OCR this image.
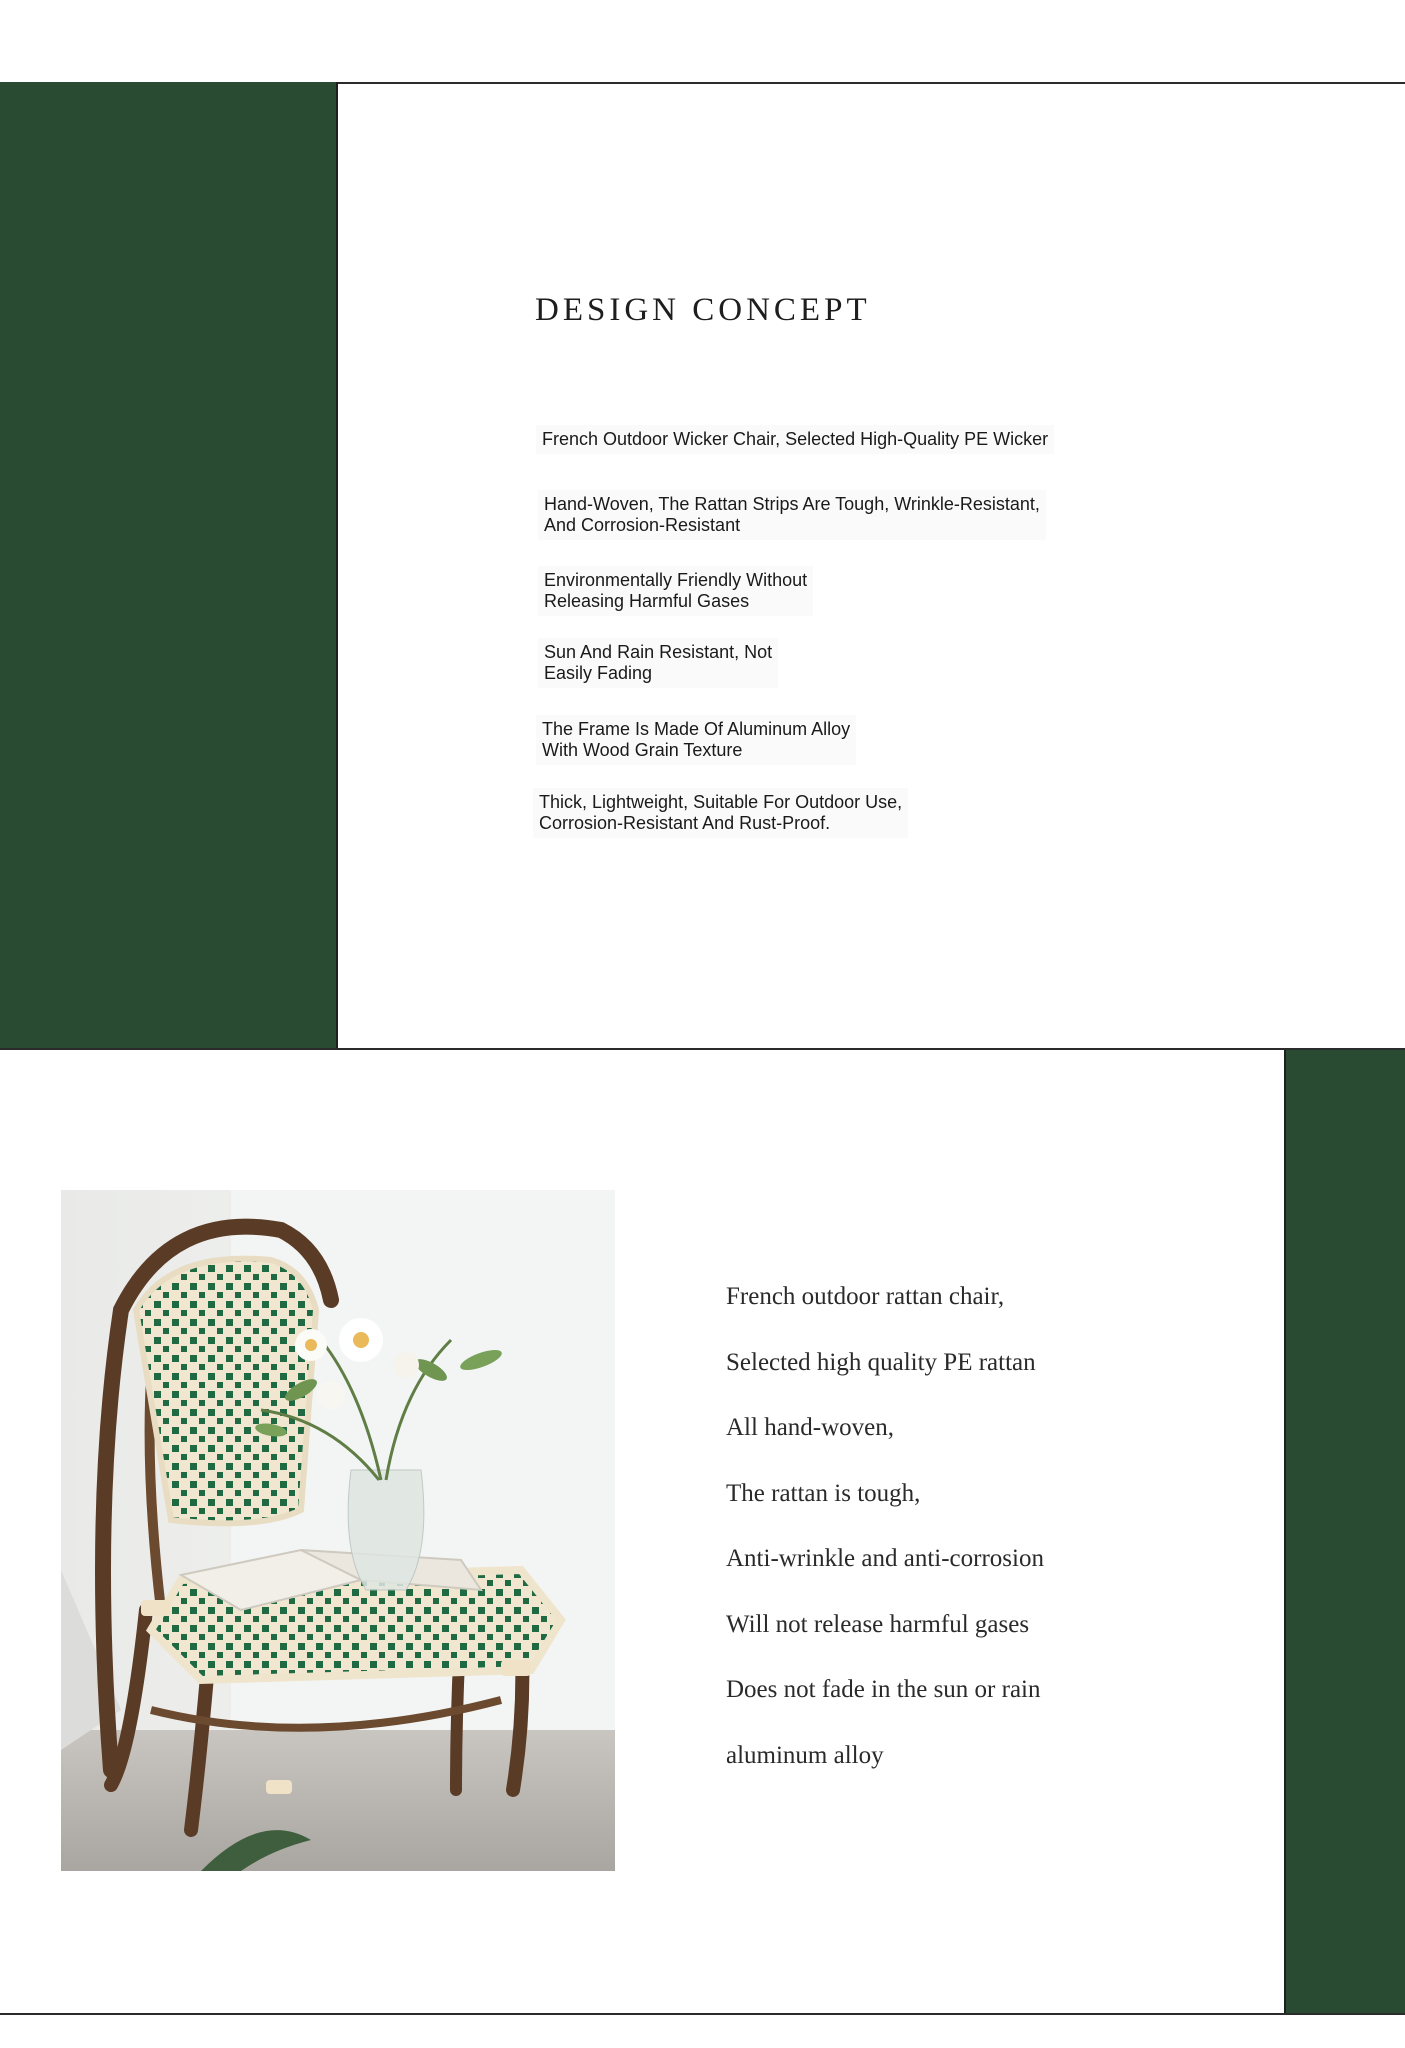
DESIGN CONCEPT
French Outdoor Wicker Chair, Selected High-Quality PE Wicker
Hand-Woven, The Rattan Strips Are Tough, Wrinkle-Resistant,
And Corrosion-Resistant
Environmentally Friendly Without
Releasing Harmful Gases
Sun And Rain Resistant, Not
Easily Fading
The Frame Is Made Of Aluminum Alloy
With Wood Grain Texture
Thick, Lightweight, Suitable For Outdoor Use,
Corrosion-Resistant And Rust-Proof.
French outdoor rattan chair,
Selected high quality PE rattan
All hand-woven,
The rattan is tough,
Anti-wrinkle and anti-corrosion
Will not release harmful gases
Does not fade in the sun or rain
aluminum alloy
